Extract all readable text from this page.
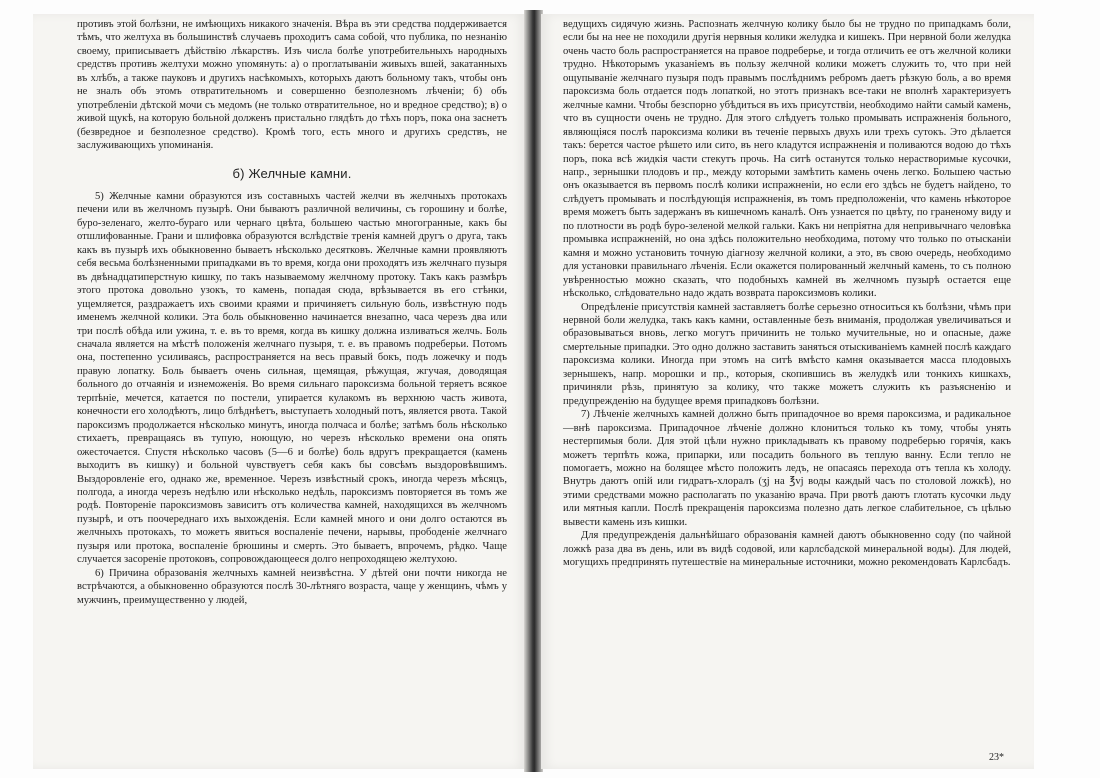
противъ этой болѣзни, не имѣющихъ никакого значенія. Вѣра въ эти средства поддерживается тѣмъ, что желтуха въ большинствѣ случаевъ проходитъ сама собой, что публика, по незнанію своему, приписываетъ дѣйствію лѣкарствъ. Изъ числа болѣе употребительныхъ народныхъ средствъ противъ желтухи можно упомянуть: а) о проглатываніи живыхъ вшей, закатанныхъ въ хлѣбъ, а также пауковъ и другихъ насѣкомыхъ, которыхъ даютъ больному такъ, чтобы онъ не зналъ объ этомъ отвратительномъ и совершенно безполезномъ лѣченіи; б) объ употребленіи дѣтской мочи съ медомъ (не только отвратительное, но и вредное средство); в) о живой щукѣ, на которую больной долженъ пристально глядѣть до тѣхъ поръ, пока она заснетъ (безвредное и безполезное средство). Кромѣ того, есть много и другихъ средствъ, не заслуживающихъ упоминанія.

б) Желчные камни.

5) Желчные камни образуются изъ составныхъ частей желчи въ желчныхъ протокахъ печени или въ желчномъ пузырѣ. Они бываютъ различной величины, съ горошину и болѣе, буро-зеленаго, желто-бураго или чернаго цвѣта, большею частью многогранные, какъ бы отшлифованные. Грани и шлифовка образуются вслѣдствіе тренія камней другъ о друга, такъ какъ въ пузырѣ ихъ обыкновенно бываетъ нѣсколько десятковъ. Желчные камни проявляютъ себя весьма болѣзненными припадками въ то время, когда они проходятъ изъ желчнаго пузыря въ двѣнадцатиперстную кишку, по такъ называемому желчному протоку. Такъ какъ размѣръ этого протока довольно узокъ, то камень, попадая сюда, врѣзывается въ его стѣнки, ущемляется, раздражаетъ ихъ своими краями и причиняетъ сильную боль, извѣстную подъ именемъ желчной колики. Эта боль обыкновенно начинается внезапно, часа черезъ два или три послѣ обѣда или ужина, т. е. въ то время, когда въ кишку должна изливаться желчь. Боль сначала является на мѣстѣ положенія желчнаго пузыря, т. е. въ правомъ подреберьи. Потомъ она, постепенно усиливаясь, распространяется на весь правый бокъ, подъ ложечку и подъ правую лопатку. Боль бываетъ очень сильная, щемящая, рѣжущая, жгучая, доводящая больного до отчаянія и изнеможенія. Во время сильнаго пароксизма больной теряетъ всякое терпѣніе, мечется, катается по постели, упирается кулакомъ въ верхнюю часть живота, конечности его холодѣютъ, лицо блѣднѣетъ, выступаетъ холодный потъ, является рвота. Такой пароксизмъ продолжается нѣсколько минутъ, иногда полчаса и болѣе; затѣмъ боль нѣсколько стихаетъ, превращаясь въ тупую, ноющую, но черезъ нѣсколько времени она опять ожесточается. Спустя нѣсколько часовъ (5—6 и болѣе) боль вдругъ прекращается (камень выходитъ въ кишку) и больной чувствуетъ себя какъ бы совсѣмъ выздоровѣвшимъ. Выздоровленіе его, однако же, временное. Черезъ извѣстный срокъ, иногда черезъ мѣсяцъ, полгода, а иногда черезъ недѣлю или нѣсколько недѣль, пароксизмъ повторяется въ томъ же родѣ. Повтореніе пароксизмовъ зависитъ отъ количества камней, находящихся въ желчномъ пузырѣ, и отъ поочереднаго ихъ выхожденія. Если камней много и они долго остаются въ желчныхъ протокахъ, то можетъ явиться воспаленіе печени, нарывы, прободеніе желчнаго пузыря или протока, воспаленіе брюшины и смерть. Это бываетъ, впрочемъ, рѣдко. Чаще случается засореніе протоковъ, сопровождающееся долго непроходящею желтухою.

6) Причина образованія желчныхъ камней неизвѣстна. У дѣтей они почти никогда не встрѣчаются, а обыкновенно образуются послѣ 30-лѣтняго возраста, чаще у женщинъ, чѣмъ у мужчинъ, преимущественно у людей,

ведущихъ сидячую жизнь. Распознать желчную колику было бы не трудно по припадкамъ боли, если бы на нее не походили другія нервныя колики желудка и кишекъ. При нервной боли желудка очень часто боль распространяется на правое подреберье, и тогда отличить ее отъ желчной колики трудно. Нѣкоторымъ указаніемъ въ пользу желчной колики можетъ служить то, что при ней ощупываніе желчнаго пузыря подъ правымъ послѣднимъ ребромъ даетъ рѣзкую боль, а во время пароксизма боль отдается подъ лопаткой, но этотъ признакъ все-таки не вполнѣ характеризуетъ желчные камни. Чтобы безспорно убѣдиться въ ихъ присутствіи, необходимо найти самый камень, что въ сущности очень не трудно. Для этого слѣдуетъ только промывать испражненія больного, являющіяся послѣ пароксизма колики въ теченіе первыхъ двухъ или трехъ сутокъ. Это дѣлается такъ: берется частое рѣшето или сито, въ него кладутся испражненія и поливаются водою до тѣхъ поръ, пока всѣ жидкія части стекутъ прочь. На ситѣ останутся только нерастворимые кусочки, напр., зернышки плодовъ и пр., между которыми замѣтить камень очень легко. Большею частью онъ оказывается въ первомъ послѣ колики испражненіи, но если его здѣсь не будетъ найдено, то слѣдуетъ промывать и послѣдующія испражненія, въ томъ предположеніи, что камень нѣкоторое время можетъ быть задержанъ въ кишечномъ каналѣ. Онъ узнается по цвѣту, по граненому виду и по плотности въ родѣ буро-зеленой мелкой гальки. Какъ ни непріятна для непривычнаго человѣка промывка испражненій, но она здѣсь положительно необходима, потому что только по отысканіи камня и можно установить точную діагнозу желчной колики, а это, въ свою очередь, необходимо для установки правильнаго лѣченія. Если окажется полированный желчный камень, то съ полною увѣренностью можно сказать, что подобныхъ камней въ желчномъ пузырѣ остается еще нѣсколько, слѣдовательно надо ждать возврата пароксизмовъ колики.

Опредѣленіе присутствія камней заставляетъ болѣе серьезно относиться къ болѣзни, чѣмъ при нервной боли желудка, такъ какъ камни, оставленные безъ вниманія, продолжая увеличиваться и образовываться вновь, легко могутъ причинить не только мучительные, но и опасные, даже смертельные припадки. Это одно должно заставить заняться отыскиваніемъ камней послѣ каждаго пароксизма колики. Иногда при этомъ на ситѣ вмѣсто камня оказывается масса плодовыхъ зернышекъ, напр. морошки и пр., которыя, скопившись въ желудкѣ или тонкихъ кишкахъ, причиняли рѣзь, принятую за колику, что также можетъ служить къ разъясненію и предупрежденію на будущее время припадковъ болѣзни.

7) Лѣченіе желчныхъ камней должно быть припадочное во время пароксизма, и радикальное—внѣ пароксизма. Припадочное лѣченіе должно клониться только къ тому, чтобы унять нестерпимыя боли. Для этой цѣли нужно прикладывать къ правому подреберью горячія, какъ можетъ терпѣть кожа, припарки, или посадить больного въ теплую ванну. Если тепло не помогаетъ, можно на болящее мѣсто положить ледъ, не опасаясь перехода отъ тепла къ холоду. Внутрь даютъ опій или гидратъ-хлоралъ (ʒj на ℥vj воды каждый часъ по столовой ложкѣ), но этими средствами можно располагать по указанію врача. При рвотѣ даютъ глотать кусочки льду или мятныя капли. Послѣ прекращенія пароксизма полезно дать легкое слабительное, съ цѣлью вывести камень изъ кишки.

Для предупрежденія дальнѣйшаго образованія камней даютъ обыкновенно соду (по чайной ложкѣ раза два въ день, или въ видѣ содовой, или карлсбадской минеральной воды). Для людей, могущихъ предпринять путешествіе на минеральные источники, можно рекомендовать Карлсбадъ.

23*
